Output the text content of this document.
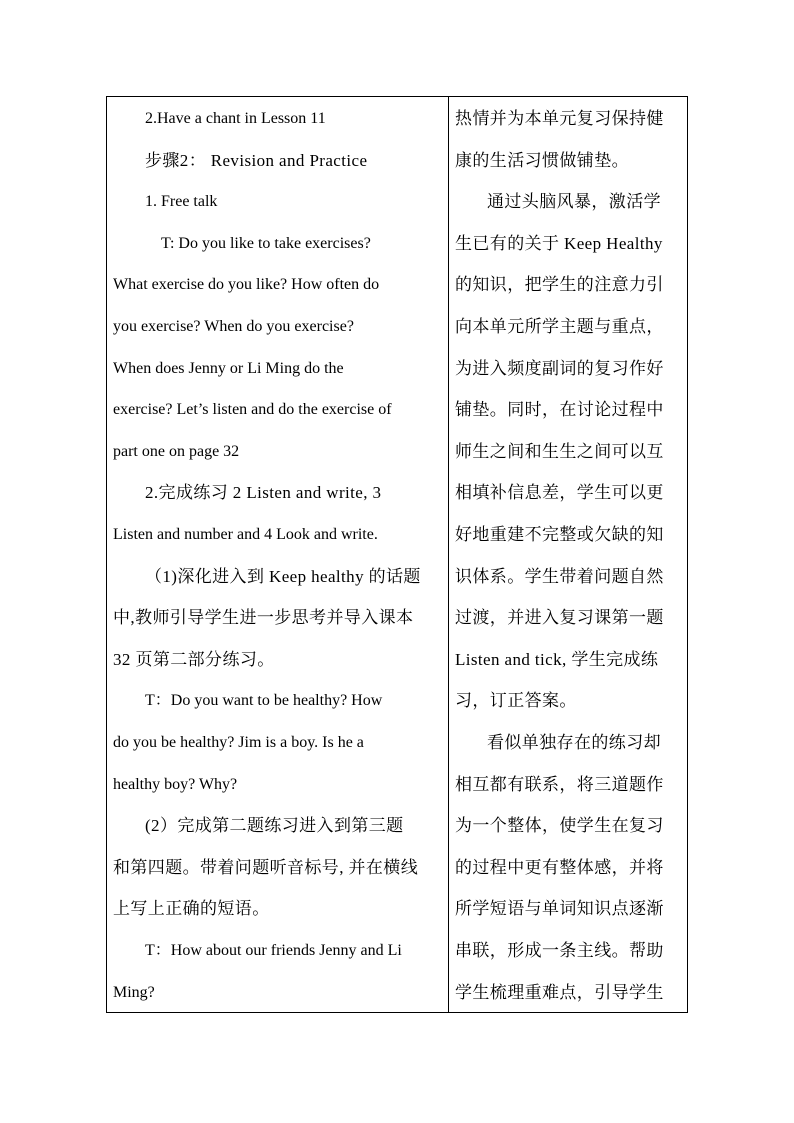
2.Have a chant in Lesson 11
步骤2： Revision and Practice
1. Free talk
T: Do you like to take exercises?
What exercise do you like? How often do
you exercise? When do you exercise?
When does Jenny or Li Ming do the
exercise? Let’s listen and do the exercise of
part one on page 32
2.完成练习 2 Listen and write, 3
Listen and number and 4 Look and write.
（1)深化进入到 Keep healthy 的话题
中,教师引导学生进一步思考并导入课本
32 页第二部分练习。
T：Do you want to be healthy? How
do you be healthy? Jim is a boy. Is he a
healthy boy? Why?
(2）完成第二题练习进入到第三题
和第四题。带着问题听音标号, 并在横线
上写上正确的短语。
T：How about our friends Jenny and Li
Ming?
热情并为本单元复习保持健
康的生活习惯做铺垫。
通过头脑风暴，激活学
生已有的关于 Keep Healthy
的知识，把学生的注意力引
向本单元所学主题与重点，
为进入频度副词的复习作好
铺垫。同时，在讨论过程中
师生之间和生生之间可以互
相填补信息差，学生可以更
好地重建不完整或欠缺的知
识体系。学生带着问题自然
过渡，并进入复习课第一题
Listen and tick, 学生完成练
习，订正答案。
看似单独存在的练习却
相互都有联系，将三道题作
为一个整体，使学生在复习
的过程中更有整体感，并将
所学短语与单词知识点逐渐
串联，形成一条主线。帮助
学生梳理重难点，引导学生
